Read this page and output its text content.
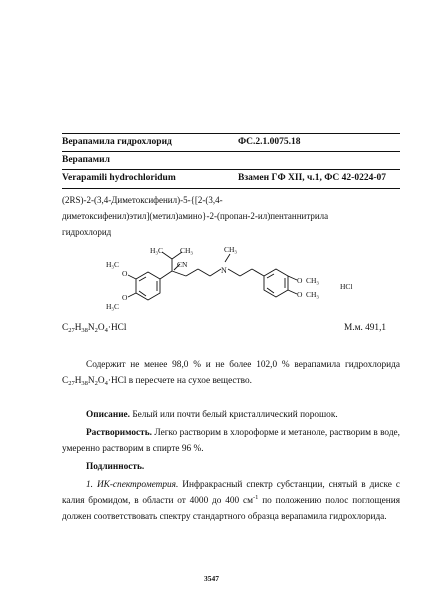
Верапамила гидрохлорид	ФС.2.1.0075.18
Верапамил
Verapamili hydrochloridum	Взамен ГФ XII, ч.1, ФС 42-0224-07
(2RS)-2-(3,4-Диметоксифенил)-5-{[2-(3,4-
диметоксифенил)этил](метил)амино}-2-(пропан-2-ил)пентаннитрила
гидрохлорид
H₃C CH₃
CN
N
CH₃
O
O
H₃C
H₃C
O
O
CH₃
CH₃
HCl
$C_{27}H_{38}N_2O_4\cdot HCl$	М.м. 491,1
Содержит не менее 98,0 % и не более 102,0 % верапамила гидрохлорида $C_{27}H_{38}N_2O_4\cdot HCl$ в пересчете на сухое вещество.
Описание. Белый или почти белый кристаллический порошок.
Растворимость. Легко растворим в хлороформе и метаноле, растворим в воде, умеренно растворим в спирте 96 %.
Подлинность.
1. ИК-спектрометрия. Инфракрасный спектр субстанции, снятый в диске с калия бромидом, в области от 4000 до 400 $см^{-1}$ по положению полос поглощения должен соответствовать спектру стандартного образца верапамила гидрохлорида.
3547
